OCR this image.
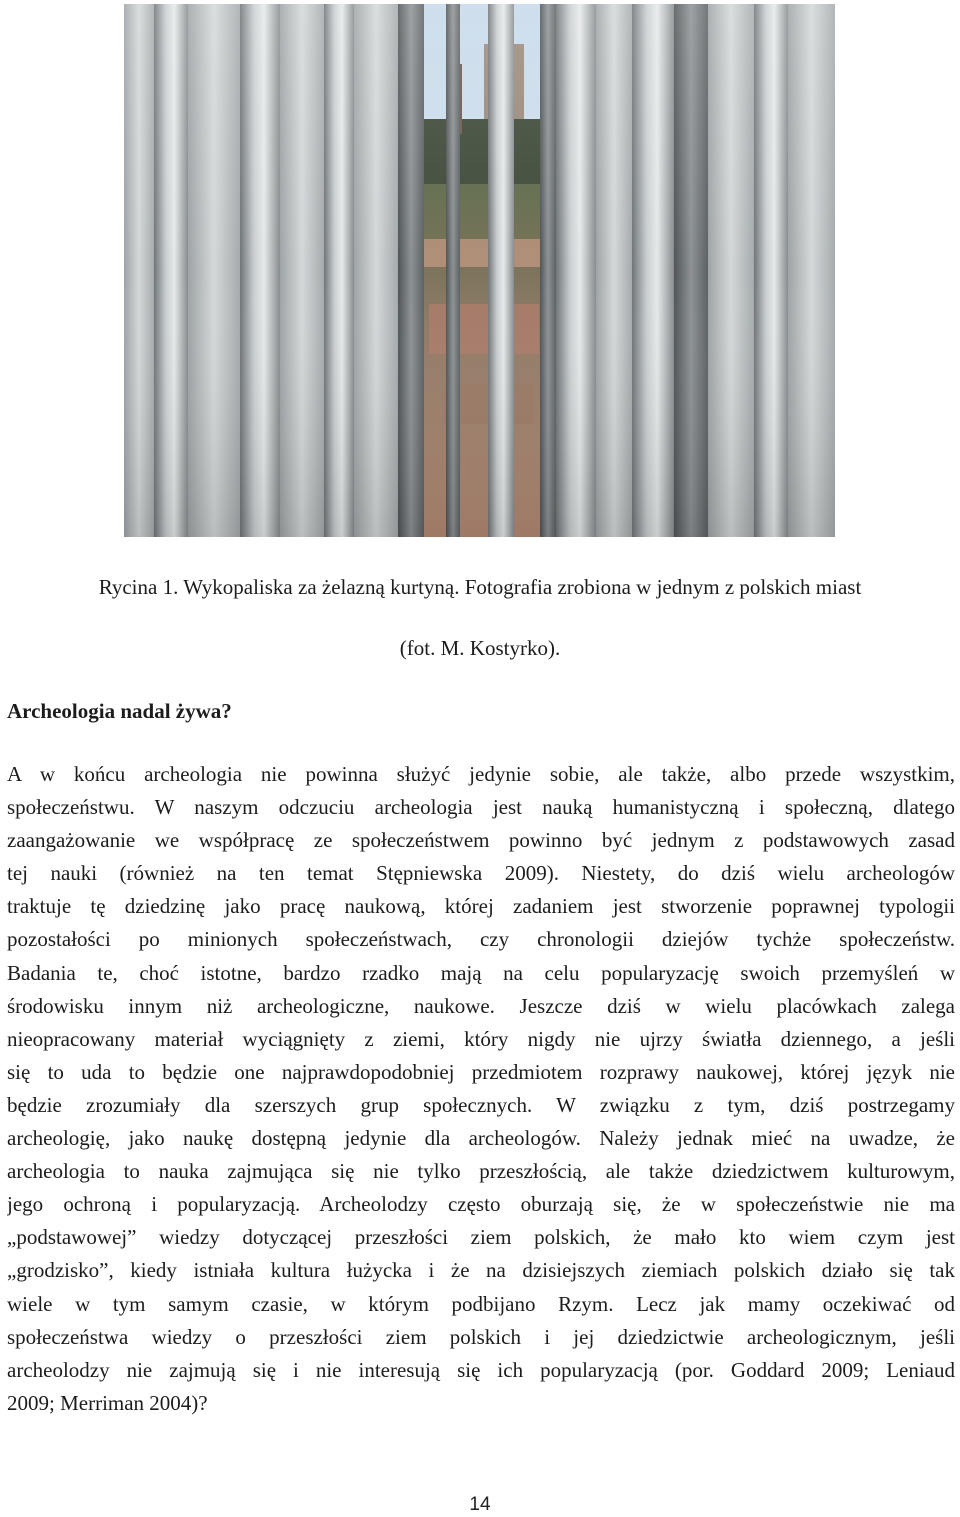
Rycina 1. Wykopaliska za żelazną kurtyną. Fotografia zrobiona w jednym z polskich miast
(fot. M. Kostyrko).
Archeologia nadal żywa?
A w końcu archeologia nie powinna służyć jedynie sobie, ale także, albo przede wszystkim,
społeczeństwu. W naszym odczuciu archeologia jest nauką humanistyczną i społeczną, dlatego
zaangażowanie we współpracę ze społeczeństwem powinno być jednym z podstawowych zasad
tej nauki (również na ten temat Stępniewska 2009). Niestety, do dziś wielu archeologów
traktuje tę dziedzinę jako pracę naukową, której zadaniem jest stworzenie poprawnej typologii
pozostałości po minionych społeczeństwach, czy chronologii dziejów tychże społeczeństw.
Badania te, choć istotne, bardzo rzadko mają na celu popularyzację swoich przemyśleń w
środowisku innym niż archeologiczne, naukowe. Jeszcze dziś w wielu placówkach zalega
nieopracowany materiał wyciągnięty z ziemi, który nigdy nie ujrzy światła dziennego, a jeśli
się to uda to będzie one najprawdopodobniej przedmiotem rozprawy naukowej, której język nie
będzie zrozumiały dla szerszych grup społecznych. W związku z tym, dziś postrzegamy
archeologię, jako naukę dostępną jedynie dla archeologów. Należy jednak mieć na uwadze, że
archeologia to nauka zajmująca się nie tylko przeszłością, ale także dziedzictwem kulturowym,
jego ochroną i popularyzacją. Archeolodzy często oburzają się, że w społeczeństwie nie ma
„podstawowej” wiedzy dotyczącej przeszłości ziem polskich, że mało kto wiem czym jest
„grodzisko”, kiedy istniała kultura łużycka i że na dzisiejszych ziemiach polskich działo się tak
wiele w tym samym czasie, w którym podbijano Rzym. Lecz jak mamy oczekiwać od
społeczeństwa wiedzy o przeszłości ziem polskich i jej dziedzictwie archeologicznym, jeśli
archeolodzy nie zajmują się i nie interesują się ich popularyzacją (por. Goddard 2009; Leniaud
2009; Merriman 2004)?
14
